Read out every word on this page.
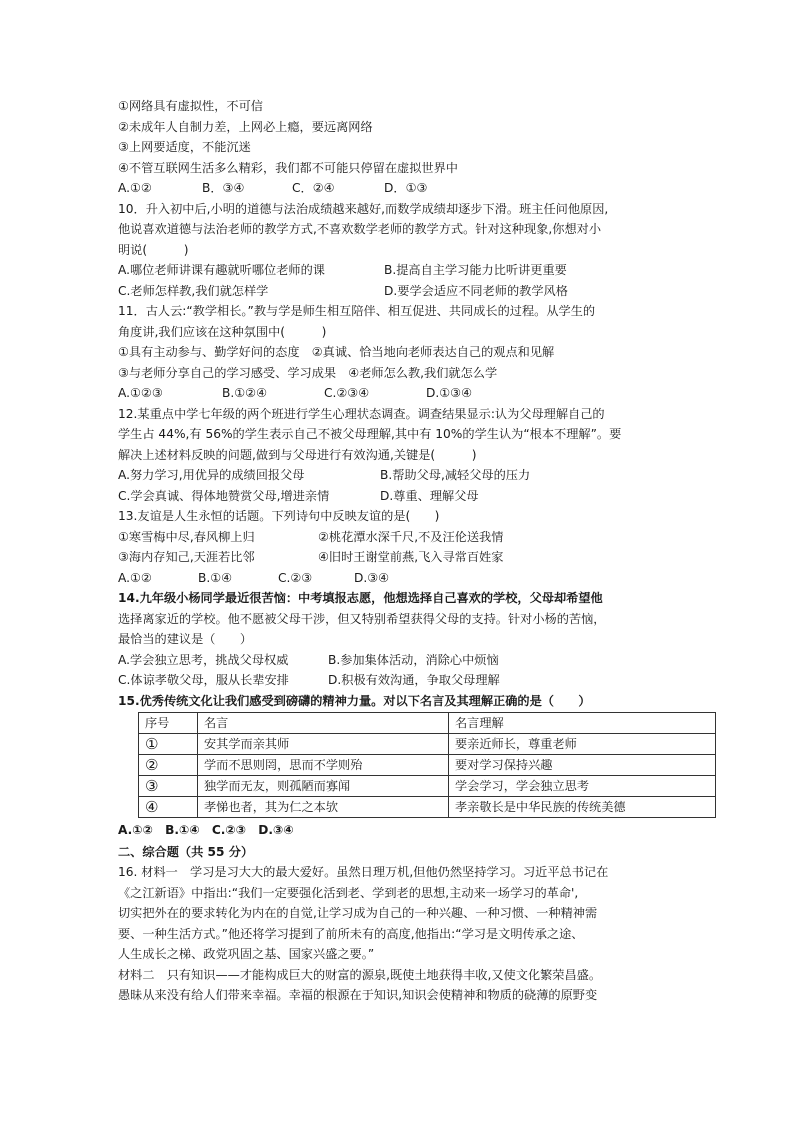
①网络具有虚拟性，不可信
②未成年人自制力差，上网必上瘾，要远离网络
③上网要适度，不能沉迷
④不管互联网生活多么精彩，我们都不可能只停留在虚拟世界中
A.①②	B．③④	C．②④	D．①③
10．升入初中后,小明的道德与法治成绩越来越好,而数学成绩却逐步下滑。班主任问他原因,
他说喜欢道德与法治老师的教学方式,不喜欢数学老师的教学方式。针对这种现象,你想对小
明说(　　　)
A.哪位老师讲课有趣就听哪位老师的课	B.提高自主学习能力比听讲更重要
C.老师怎样教,我们就怎样学	D.要学会适应不同老师的教学风格
11．古人云:“教学相长。”教与学是师生相互陪伴、相互促进、共同成长的过程。从学生的
角度讲,我们应该在这种氛围中(　　　)
①具有主动参与、勤学好问的态度　②真诚、恰当地向老师表达自己的观点和见解
③与老师分享自己的学习感受、学习成果　④老师怎么教,我们就怎么学
A.①②③	B.①②④	C.②③④	D.①③④
12.某重点中学七年级的两个班进行学生心理状态调查。调查结果显示:认为父母理解自己的
学生占 44%,有 56%的学生表示自己不被父母理解,其中有 10%的学生认为“根本不理解”。要
解决上述材料反映的问题,做到与父母进行有效沟通,关键是(　　　)
A.努力学习,用优异的成绩回报父母	B.帮助父母,减轻父母的压力
C.学会真诚、得体地赞赏父母,增进亲情	D.尊重、理解父母
13.友谊是人生永恒的话题。下列诗句中反映友谊的是(　　)
①寒雪梅中尽,春风柳上归	②桃花潭水深千尺,不及汪伦送我情
③海内存知己,天涯若比邻	④旧时王谢堂前燕,飞入寻常百姓家
A.①②	B.①④	C.②③	D.③④
14.九年级小杨同学最近很苦恼：中考填报志愿，他想选择自己喜欢的学校，父母却希望他
选择离家近的学校。他不愿被父母干涉，但又特别希望获得父母的支持。针对小杨的苦恼，
最恰当的建议是（　　）
A.学会独立思考，挑战父母权威	B.参加集体活动，消除心中烦恼
C.体谅孝敬父母，服从长辈安排	D.积极有效沟通，争取父母理解
15.优秀传统文化让我们感受到磅礴的精神力量。对以下名言及其理解正确的是（　　）
序号	名言	名言理解
①	安其学而亲其师	要亲近师长，尊重老师
②	学而不思则罔，思而不学则殆	要对学习保持兴趣
③	独学而无友，则孤陋而寡闻	学会学习，学会独立思考
④	孝悌也者，其为仁之本欤	孝亲敬长是中华民族的传统美德
A.①②　B.①④　C.②③　D.③④
二、综合题（共 55 分）
16. 材料一　学习是习大大的最大爱好。虽然日理万机,但他仍然坚持学习。习近平总书记在
《之江新语》中指出:“我们一定要强化活到老、学到老的思想,主动来一场学习的革命',
切实把外在的要求转化为内在的自觉,让学习成为自己的一种兴趣、一种习惯、一种精神需
要、一种生活方式。”他还将学习提到了前所未有的高度,他指出:“学习是文明传承之途、
人生成长之梯、政党巩固之基、国家兴盛之要。”
材料二　只有知识——才能构成巨大的财富的源泉,既使土地获得丰收,又使文化繁荣昌盛。
愚昧从来没有给人们带来幸福。幸福的根源在于知识,知识会使精神和物质的硗薄的原野变
